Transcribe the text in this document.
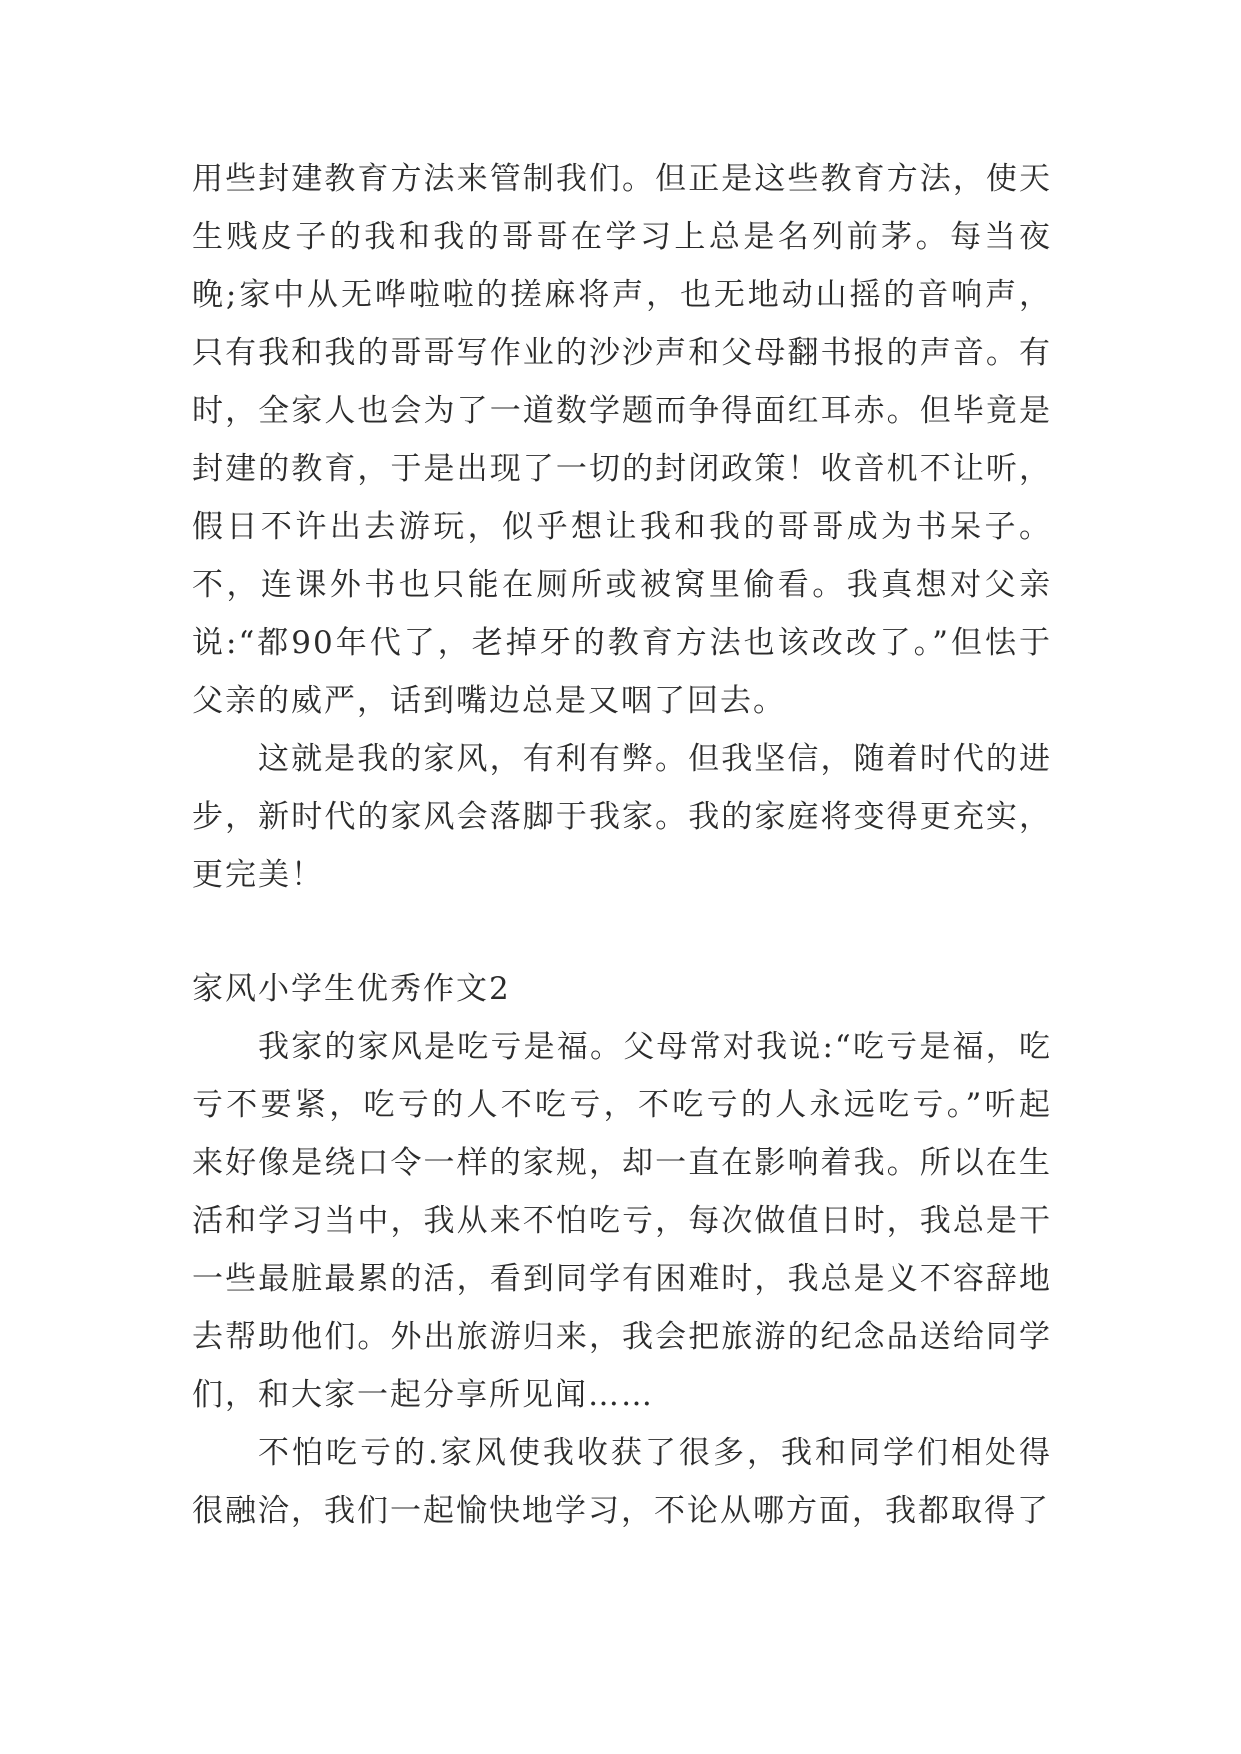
用些封建教育方法来管制我们。但正是这些教育方法，使天生贱皮子的我和我的哥哥在学习上总是名列前茅。每当夜晚;家中从无哗啦啦的搓麻将声，也无地动山摇的音响声，只有我和我的哥哥写作业的沙沙声和父母翻书报的声音。有时，全家人也会为了一道数学题而争得面红耳赤。但毕竟是封建的教育，于是出现了一切的封闭政策！收音机不让听，假日不许出去游玩，似乎想让我和我的哥哥成为书呆子。不，连课外书也只能在厕所或被窝里偷看。我真想对父亲说:“都90年代了，老掉牙的教育方法也该改改了。”但怯于父亲的威严，话到嘴边总是又咽了回去。

这就是我的家风，有利有弊。但我坚信，随着时代的进步，新时代的家风会落脚于我家。我的家庭将变得更充实，更完美！

家风小学生优秀作文2

我家的家风是吃亏是福。父母常对我说:“吃亏是福，吃亏不要紧，吃亏的人不吃亏，不吃亏的人永远吃亏。”听起来好像是绕口令一样的家规，却一直在影响着我。所以在生活和学习当中，我从来不怕吃亏，每次做值日时，我总是干一些最脏最累的活，看到同学有困难时，我总是义不容辞地去帮助他们。外出旅游归来，我会把旅游的纪念品送给同学们，和大家一起分享所见闻……

不怕吃亏的.家风使我收获了很多，我和同学们相处得很融洽，我们一起愉快地学习，不论从哪方面，我都取得了
